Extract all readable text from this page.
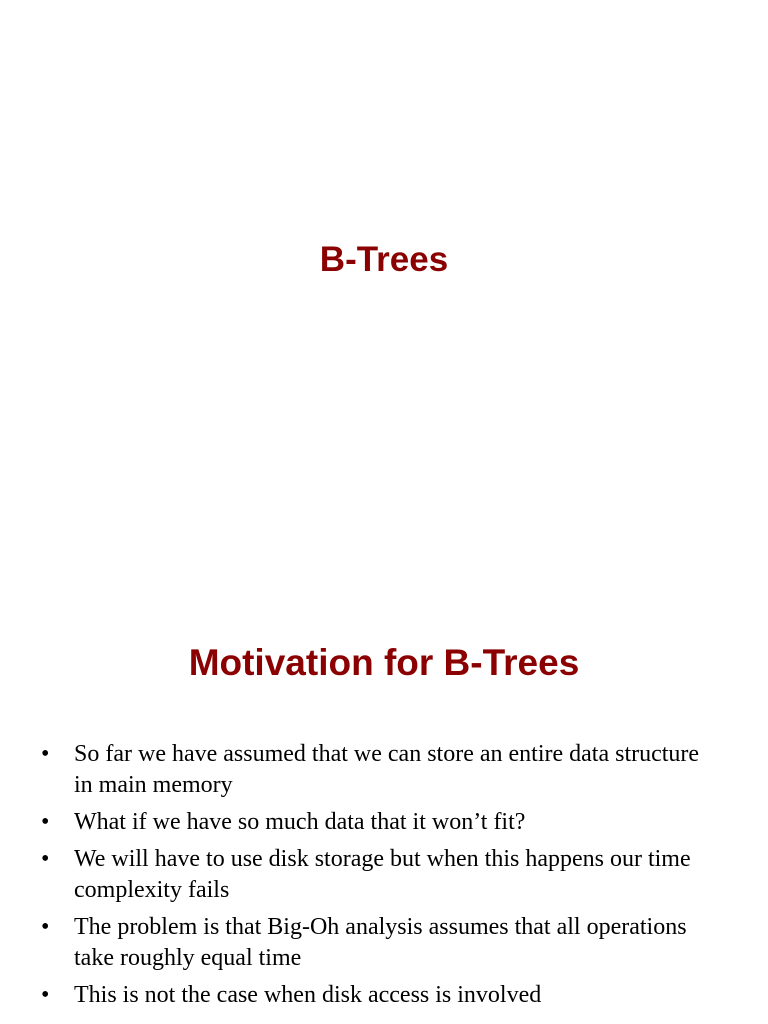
B-Trees
Motivation for B-Trees
•	So far we have assumed that we can store an entire data structure in main memory
•	What if we have so much data that it won’t fit?
•	We will have to use disk storage but when this happens our time complexity fails
•	The problem is that Big-Oh analysis assumes that all operations take roughly equal time
•	This is not the case when disk access is involved
